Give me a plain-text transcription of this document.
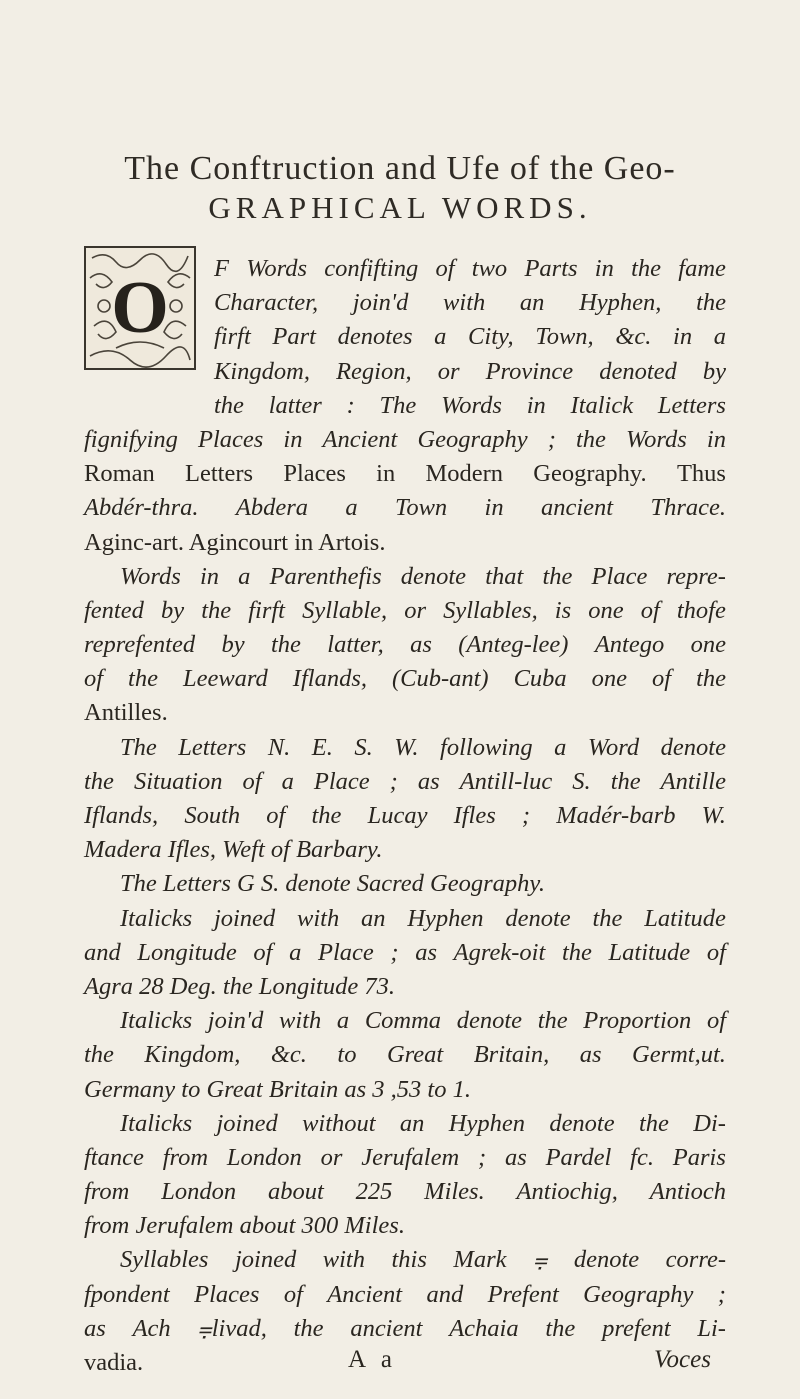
The Conftruction and Ufe of the Geo-
GRAPHICAL WORDS.
O	F Words confifting of two Parts in the fame
Character, join'd with an Hyphen, the
firft Part denotes a City, Town, &c. in a
Kingdom, Region, or Province denoted by
the latter : The Words in Italick Letters
fignifying Places in Ancient Geography ; the Words in
Roman Letters Places in Modern Geography. Thus
Abdér-thra. Abdera a Town in ancient Thrace.
Aginc-art. Agincourt in Artois.
Words in a Parenthefis denote that the Place repre-
fented by the firft Syllable, or Syllables, is one of thofe
reprefented by the latter, as (Anteg-lee) Antego one
of the Leeward Iflands, (Cub-ant) Cuba one of the
Antilles.
The Letters N. E. S. W. following a Word denote
the Situation of a Place ; as Antill-luc S. the Antille
Iflands, South of the Lucay Ifles ; Madér-barb W.
Madera Ifles, Weft of Barbary.
The Letters G S. denote Sacred Geography.
Italicks joined with an Hyphen denote the Latitude
and Longitude of a Place ; as Agrek-oit the Latitude of
Agra 28 Deg. the Longitude 73.
Italicks join'd with a Comma denote the Proportion of
the Kingdom, &c. to Great Britain, as Germt,ut.
Germany to Great Britain as 3 ,53 to 1.
Italicks joined without an Hyphen denote the Di-
ftance from London or Jerufalem ; as Pardel fc. Paris
from London about 225 Miles. Antiochig, Antioch
from Jerufalem about 300 Miles.
Syllables joined with this Mark ⩦ denote corre-
fpondent Places of Ancient and Prefent Geography ;
as Ach ⩦livad, the ancient Achaia the prefent Li-
vadia.	A a	Voces
